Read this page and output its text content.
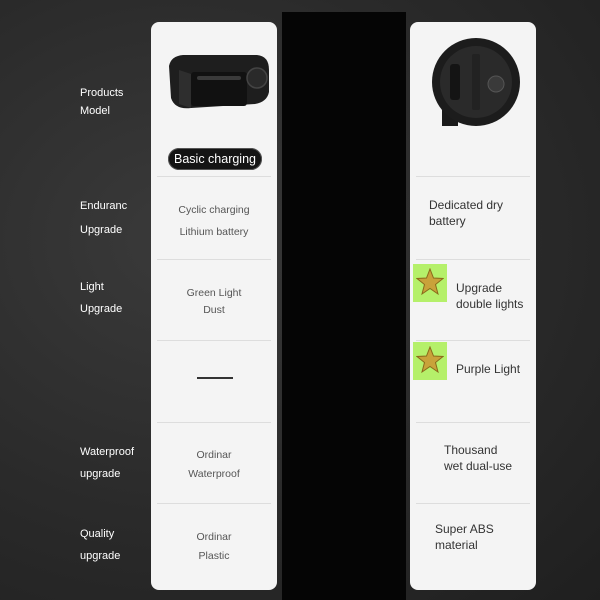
Products
Model
Enduranc
Upgrade
Light
Upgrade
Waterproof
upgrade
Quality
upgrade
Basic charging
Cyclic charging
Lithium battery
Green Light
Dust
Ordinar
Waterproof
Ordinar
Plastic
Dedicated dry
battery
Upgrade
double lights
Purple Light
Thousand
wet dual-use
Super ABS
material
